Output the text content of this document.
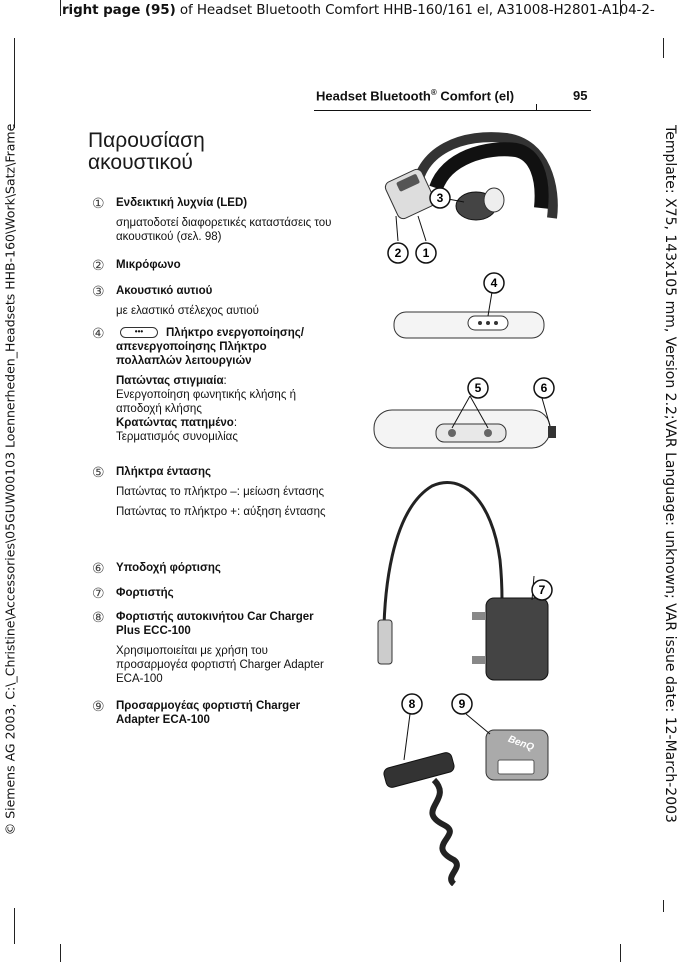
right page (95) of Headset Bluetooth Comfort HHB-160/161 el, A31008-H2801-A104-2-
© Siemens AG 2003, C:\_Christine\Accessories\05GUW00103 Loennerheden_Headsets HHB-160\Work\Satz\Frame	Template: X75, 143x105 mm, Version 2.2;VAR Language: unknown; VAR issue date: 12-March-2003
Headset Bluetooth® Comfort (el)	95
Παρουσίαση
ακουστικού
① Ενδεικτική λυχνία (LED)
σηματοδοτεί διαφορετικές καταστάσεις του ακουστικού (σελ. 98)
② Μικρόφωνο
③ Ακουστικό αυτιού
με ελαστικό στέλεχος αυτιού
④	••• Πλήκτρο ενεργοποίησης/απενεργοποίησης Πλήκτρο πολλαπλών λειτουργιών
Πατώντας στιγμιαία:
Ενεργοποίηση φωνητικής κλήσης ή αποδοχή κλήσης
Κρατώντας πατημένο:
Τερματισμός συνομιλίας
⑤ Πλήκτρα έντασης
Πατώντας το πλήκτρο –: μείωση έντασης
Πατώντας το πλήκτρο +: αύξηση έντασης
⑥ Υποδοχή φόρτισης
⑦ Φορτιστής
⑧ Φορτιστής αυτοκινήτου Car Charger Plus ECC-100
Χρησιμοποιείται με χρήση του προσαρμογέα φορτιστή Charger Adapter ECA-100
⑨ Προσαρμογέας φορτιστή Charger Adapter ECA-100
3
2 1
4
5	6
7
BenQ
8	9
